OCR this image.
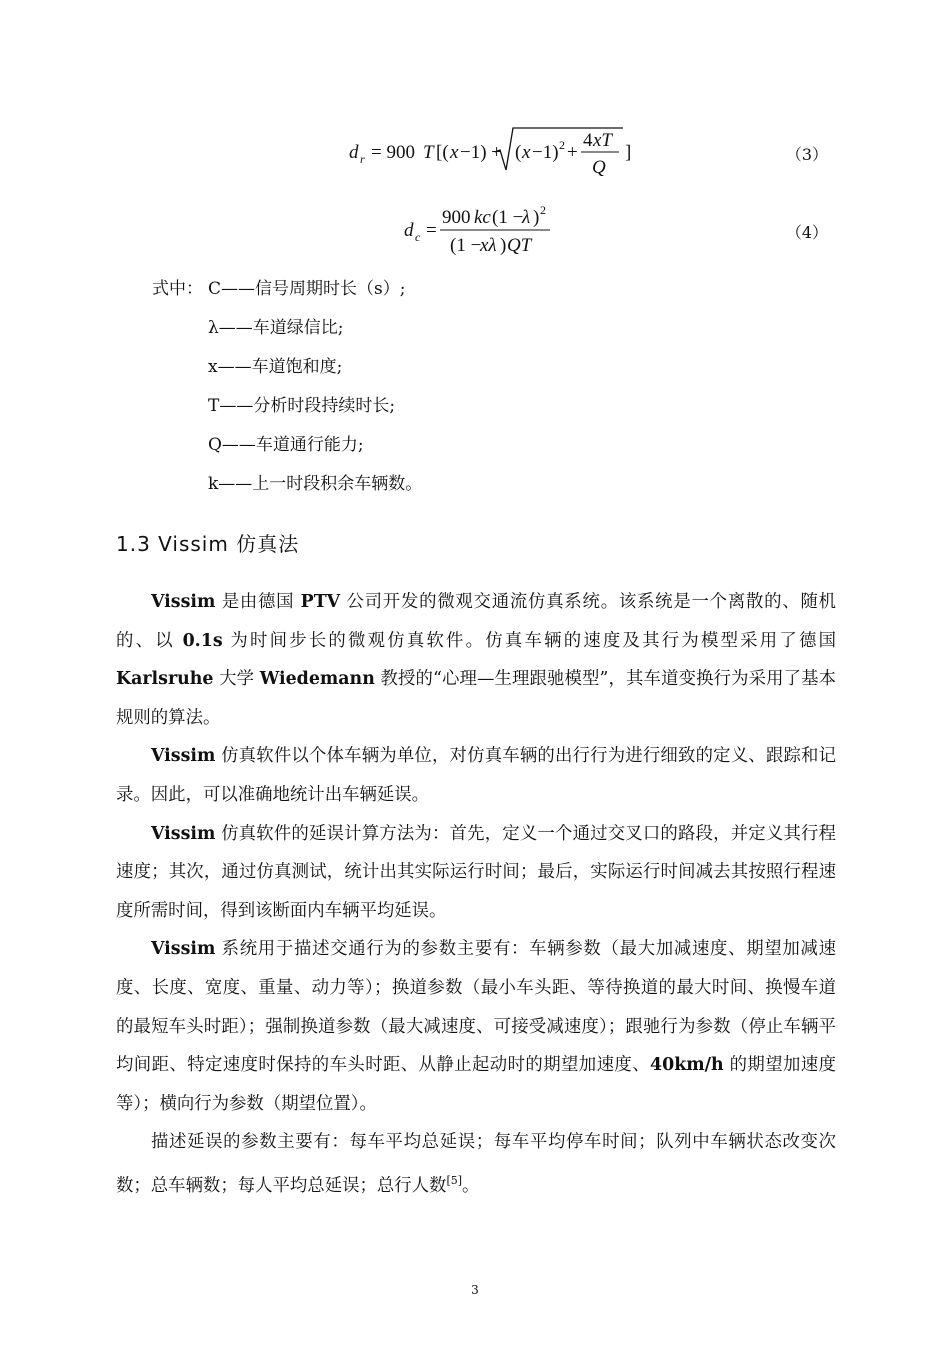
d r = 900 T [( x −1) + ( x −1) 2 +
4 xT
Q
]	（3）
d c =
900 kc (1 −
λ ) 2
(1 −
xλ ) QT
（4）
式中： C——信号周期时长（s）;
λ——车道绿信比;
x——车道饱和度;
T——分析时段持续时长;
Q——车道通行能力;
k——上一时段积余车辆数。
1.3 Vissim 仿真法

Vissim 是由德国 PTV 公司开发的微观交通流仿真系统。该系统是一个离散的、随机的、以 0.1s 为时间步长的微观仿真软件。仿真车辆的速度及其行为模型采用了德国 Karlsruhe 大学 Wiedemann 教授的“心理—生理跟驰模型”，其车道变换行为采用了基本规则的算法。

Vissim 仿真软件以个体车辆为单位，对仿真车辆的出行行为进行细致的定义、跟踪和记录。因此，可以准确地统计出车辆延误。

Vissim 仿真软件的延误计算方法为：首先，定义一个通过交叉口的路段，并定义其行程速度；其次，通过仿真测试，统计出其实际运行时间；最后，实际运行时间减去其按照行程速度所需时间，得到该断面内车辆平均延误。

Vissim 系统用于描述交通行为的参数主要有：车辆参数（最大加减速度、期望加减速度、长度、宽度、重量、动力等）；换道参数（最小车头距、等待换道的最大时间、换慢车道的最短车头时距）；强制换道参数（最大减速度、可接受减速度）；跟驰行为参数（停止车辆平均间距、特定速度时保持的车头时距、从静止起动时的期望加速度、40km/h 的期望加速度等）；横向行为参数（期望位置）。

描述延误的参数主要有：每车平均总延误；每车平均停车时间；队列中车辆状态改变次数；总车辆数；每人平均总延误；总行人数[5]。

3
